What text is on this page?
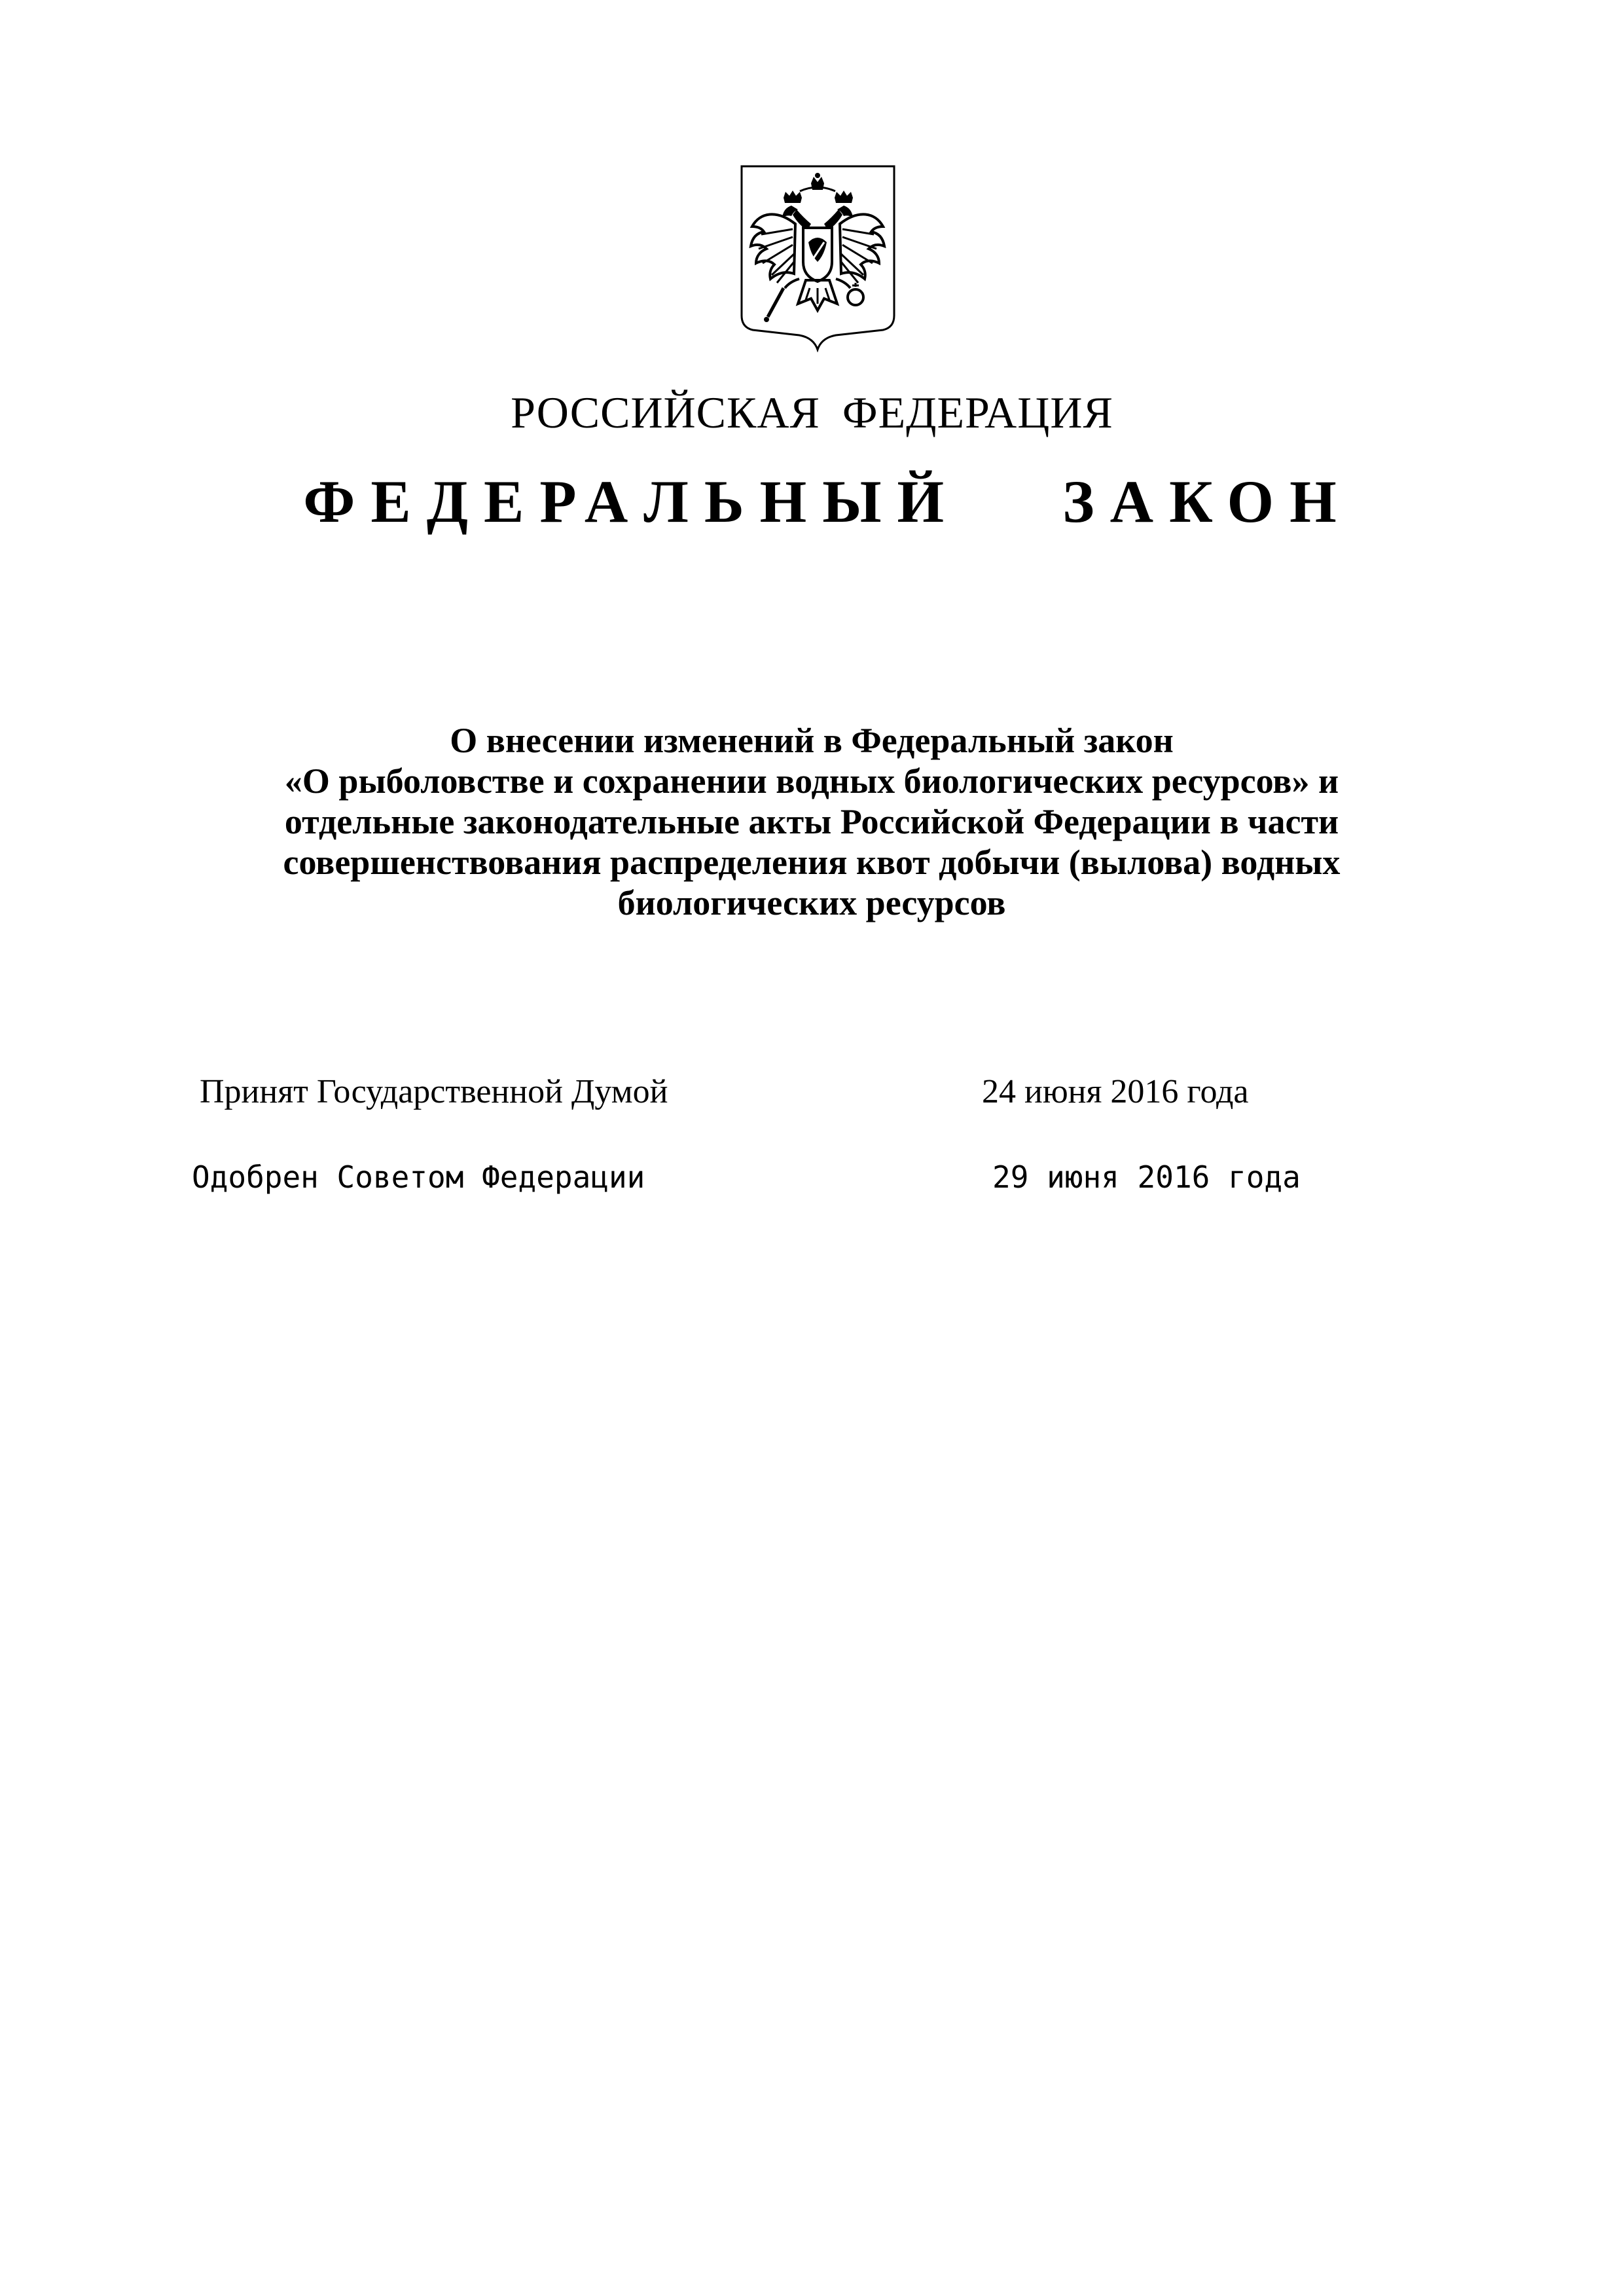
РОССИЙСКАЯ ФЕДЕРАЦИЯ
ФЕДЕРАЛЬНЫЙ ЗАКОН
О внесении изменений в Федеральный закон
«О рыболовстве и сохранении водных биологических ресурсов» и
отдельные законодательные акты Российской Федерации в части
совершенствования распределения квот добычи (вылова) водных
биологических ресурсов
Принят Государственной Думой	24 июня 2016 года
Одобрен Советом Федерации	29 июня 2016 года
